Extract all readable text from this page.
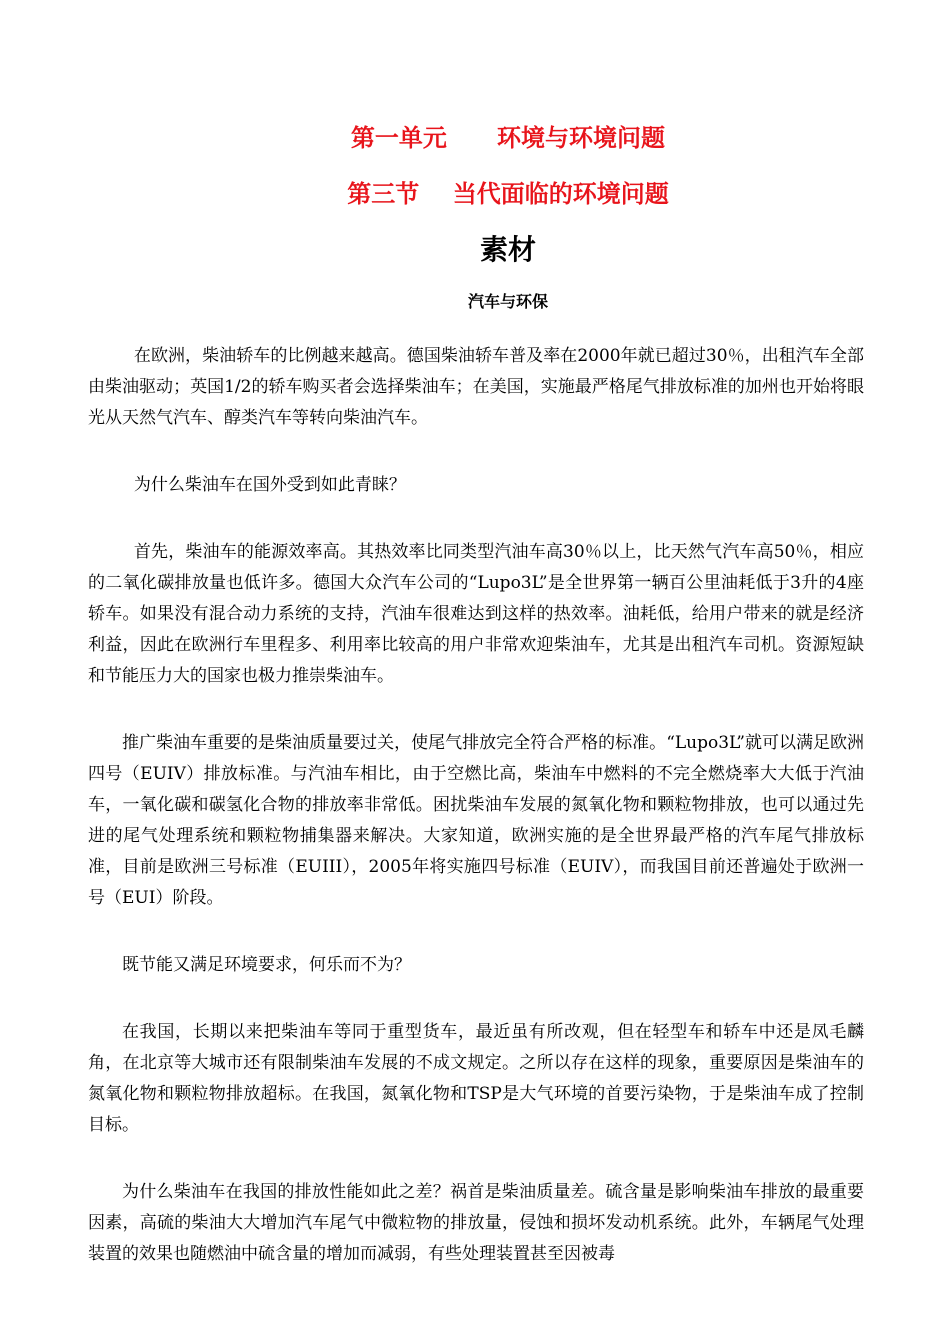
第一单元      环境与环境问题
第三节    当代面临的环境问题
素材
汽车与环保

在欧洲，柴油轿车的比例越来越高。德国柴油轿车普及率在2000年就已超过30％，出租汽车全部由柴油驱动；英国1/2的轿车购买者会选择柴油车；在美国，实施最严格尾气排放标准的加州也开始将眼光从天然气汽车、醇类汽车等转向柴油汽车。

为什么柴油车在国外受到如此青睐？

首先，柴油车的能源效率高。其热效率比同类型汽油车高30％以上，比天然气汽车高50％，相应的二氧化碳排放量也低许多。德国大众汽车公司的“Lupo3L”是全世界第一辆百公里油耗低于3升的4座轿车。如果没有混合动力系统的支持，汽油车很难达到这样的热效率。油耗低，给用户带来的就是经济利益，因此在欧洲行车里程多、利用率比较高的用户非常欢迎柴油车，尤其是出租汽车司机。资源短缺和节能压力大的国家也极力推崇柴油车。

推广柴油车重要的是柴油质量要过关，使尾气排放完全符合严格的标准。“Lupo3L”就可以满足欧洲四号（EUIV）排放标准。与汽油车相比，由于空燃比高，柴油车中燃料的不完全燃烧率大大低于汽油车，一氧化碳和碳氢化合物的排放率非常低。困扰柴油车发展的氮氧化物和颗粒物排放，也可以通过先进的尾气处理系统和颗粒物捕集器来解决。大家知道，欧洲实施的是全世界最严格的汽车尾气排放标准，目前是欧洲三号标准（EUIII），2005年将实施四号标准（EUIV），而我国目前还普遍处于欧洲一号（EUI）阶段。

既节能又满足环境要求，何乐而不为？

在我国，长期以来把柴油车等同于重型货车，最近虽有所改观，但在轻型车和轿车中还是凤毛麟角，在北京等大城市还有限制柴油车发展的不成文规定。之所以存在这样的现象，重要原因是柴油车的氮氧化物和颗粒物排放超标。在我国，氮氧化物和TSP是大气环境的首要污染物，于是柴油车成了控制目标。

为什么柴油车在我国的排放性能如此之差？祸首是柴油质量差。硫含量是影响柴油车排放的最重要因素，高硫的柴油大大增加汽车尾气中微粒物的排放量，侵蚀和损坏发动机系统。此外，车辆尾气处理装置的效果也随燃油中硫含量的增加而减弱，有些处理装置甚至因被毒
